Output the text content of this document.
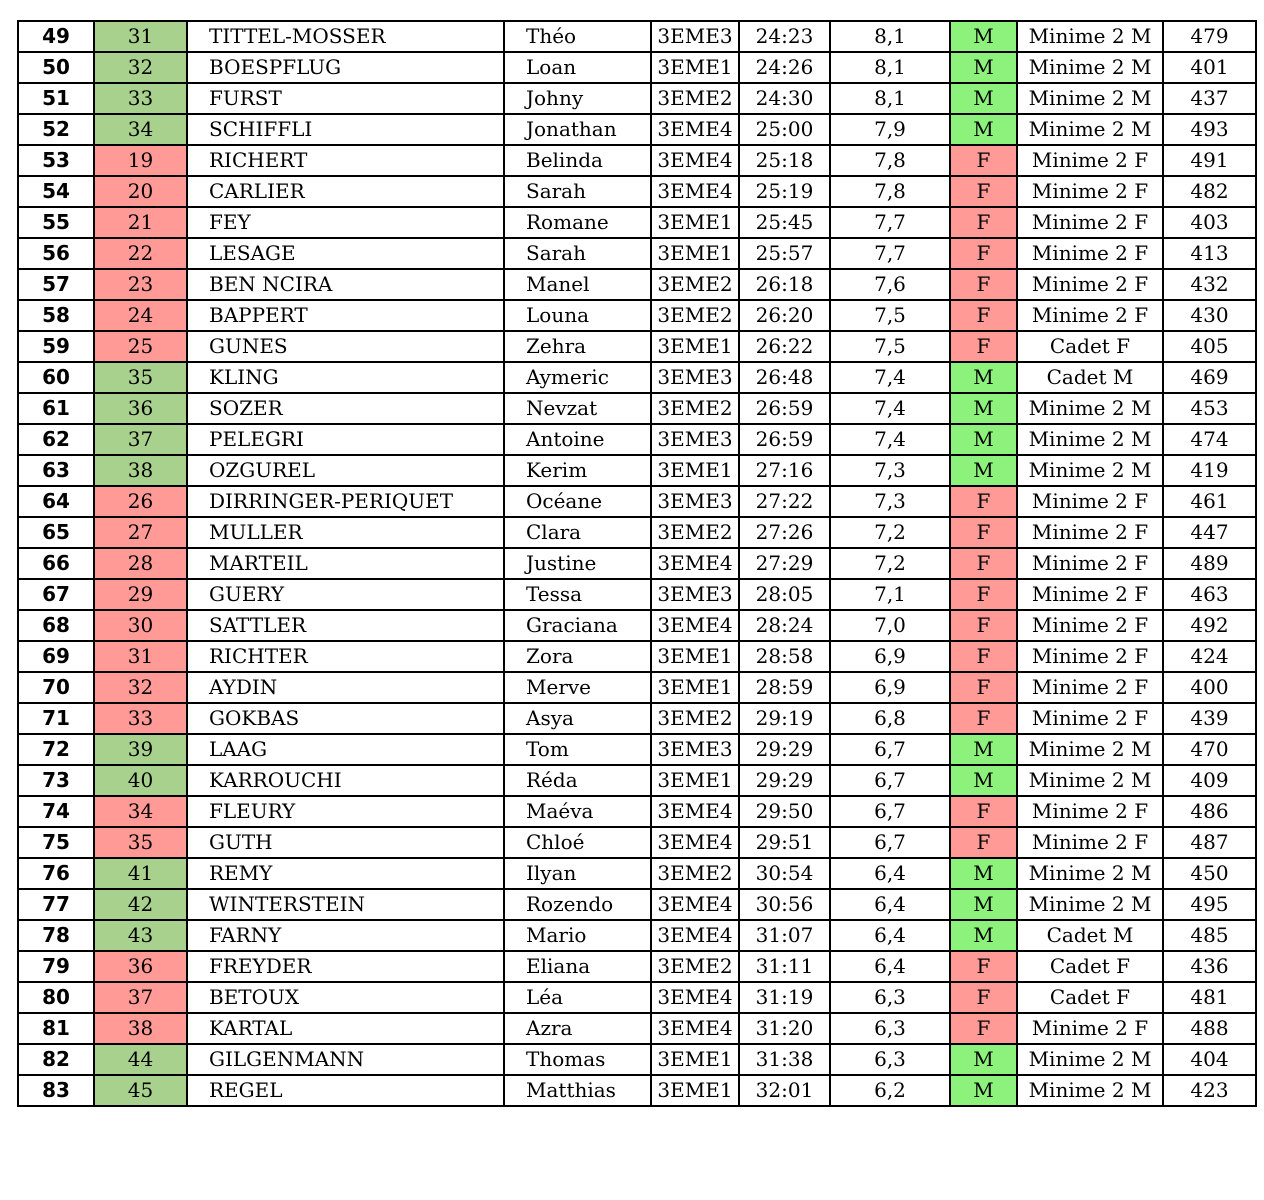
49	31	TITTEL-MOSSER	Théo	3EME3	24:23	8,1	M	Minime 2 M	479
50	32	BOESPFLUG	Loan	3EME1	24:26	8,1	M	Minime 2 M	401
51	33	FURST	Johny	3EME2	24:30	8,1	M	Minime 2 M	437
52	34	SCHIFFLI	Jonathan	3EME4	25:00	7,9	M	Minime 2 M	493
53	19	RICHERT	Belinda	3EME4	25:18	7,8	F	Minime 2 F	491
54	20	CARLIER	Sarah	3EME4	25:19	7,8	F	Minime 2 F	482
55	21	FEY	Romane	3EME1	25:45	7,7	F	Minime 2 F	403
56	22	LESAGE	Sarah	3EME1	25:57	7,7	F	Minime 2 F	413
57	23	BEN NCIRA	Manel	3EME2	26:18	7,6	F	Minime 2 F	432
58	24	BAPPERT	Louna	3EME2	26:20	7,5	F	Minime 2 F	430
59	25	GUNES	Zehra	3EME1	26:22	7,5	F	Cadet F	405
60	35	KLING	Aymeric	3EME3	26:48	7,4	M	Cadet M	469
61	36	SOZER	Nevzat	3EME2	26:59	7,4	M	Minime 2 M	453
62	37	PELEGRI	Antoine	3EME3	26:59	7,4	M	Minime 2 M	474
63	38	OZGUREL	Kerim	3EME1	27:16	7,3	M	Minime 2 M	419
64	26	DIRRINGER-PERIQUET	Océane	3EME3	27:22	7,3	F	Minime 2 F	461
65	27	MULLER	Clara	3EME2	27:26	7,2	F	Minime 2 F	447
66	28	MARTEIL	Justine	3EME4	27:29	7,2	F	Minime 2 F	489
67	29	GUERY	Tessa	3EME3	28:05	7,1	F	Minime 2 F	463
68	30	SATTLER	Graciana	3EME4	28:24	7,0	F	Minime 2 F	492
69	31	RICHTER	Zora	3EME1	28:58	6,9	F	Minime 2 F	424
70	32	AYDIN	Merve	3EME1	28:59	6,9	F	Minime 2 F	400
71	33	GOKBAS	Asya	3EME2	29:19	6,8	F	Minime 2 F	439
72	39	LAAG	Tom	3EME3	29:29	6,7	M	Minime 2 M	470
73	40	KARROUCHI	Réda	3EME1	29:29	6,7	M	Minime 2 M	409
74	34	FLEURY	Maéva	3EME4	29:50	6,7	F	Minime 2 F	486
75	35	GUTH	Chloé	3EME4	29:51	6,7	F	Minime 2 F	487
76	41	REMY	Ilyan	3EME2	30:54	6,4	M	Minime 2 M	450
77	42	WINTERSTEIN	Rozendo	3EME4	30:56	6,4	M	Minime 2 M	495
78	43	FARNY	Mario	3EME4	31:07	6,4	M	Cadet M	485
79	36	FREYDER	Eliana	3EME2	31:11	6,4	F	Cadet F	436
80	37	BETOUX	Léa	3EME4	31:19	6,3	F	Cadet F	481
81	38	KARTAL	Azra	3EME4	31:20	6,3	F	Minime 2 F	488
82	44	GILGENMANN	Thomas	3EME1	31:38	6,3	M	Minime 2 M	404
83	45	REGEL	Matthias	3EME1	32:01	6,2	M	Minime 2 M	423
